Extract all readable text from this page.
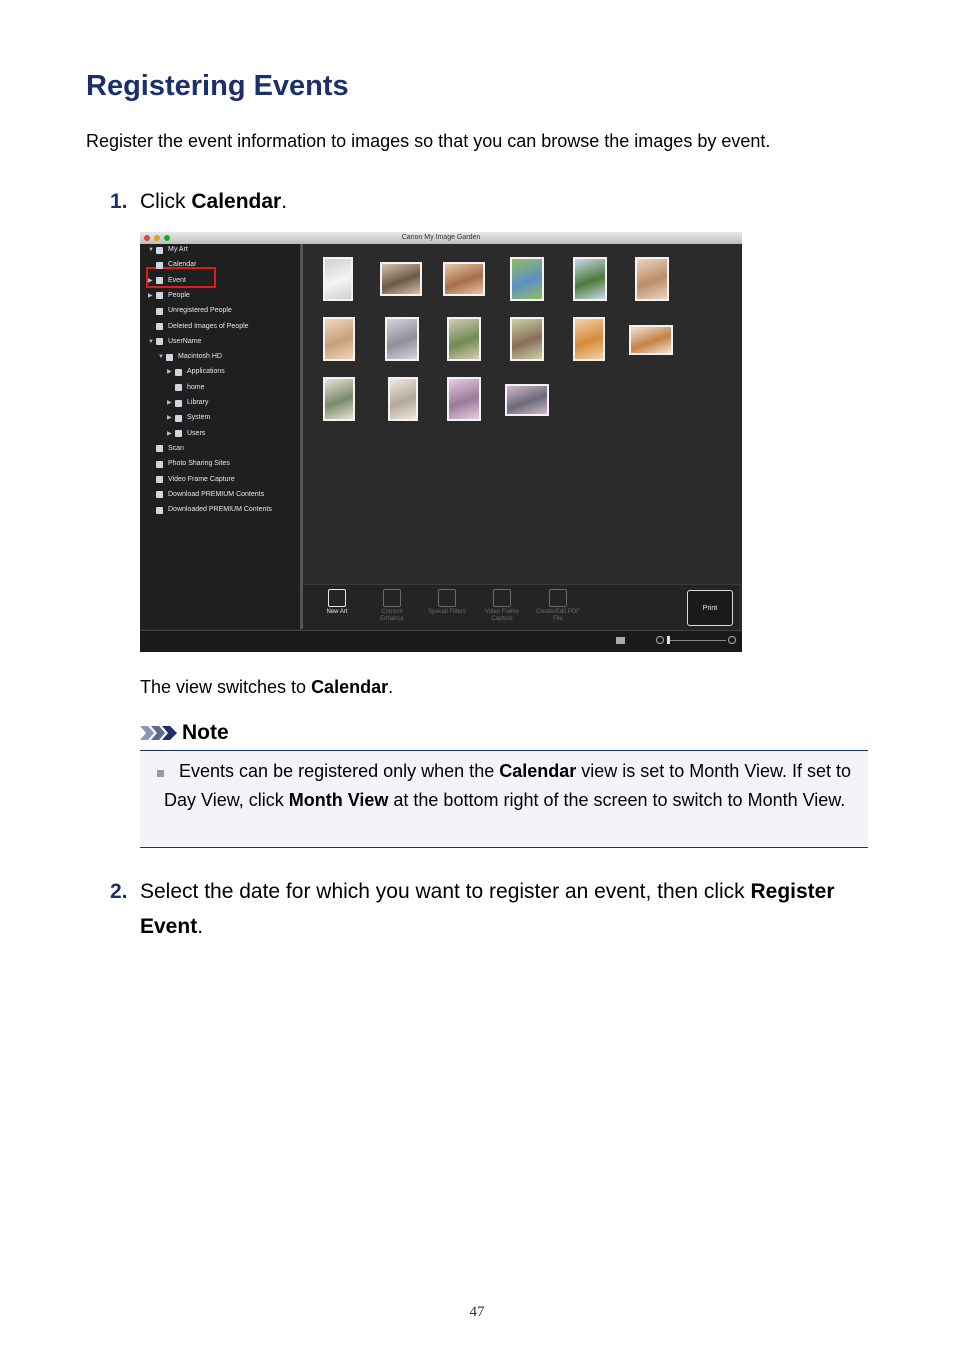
Registering Events
Register the event information to images so that you can browse the images by event.
1. Click Calendar.
Canon My Image Garden
▼ My Art
Calendar
▶	Event
▶	People
Unregistered People
Deleted Images of People
▼ UserName
▼ Macintosh HD
▶	Applications
home
▶	Library
▶	System
▶	Users
Scan
Photo Sharing Sites
Video Frame Capture
Download PREMIUM Contents
Downloaded PREMIUM Contents
Print
New Art	Correct/ Enhance
Special Filters	Video Frame Capture
Create/Edit PDF File
The view switches to Calendar.
Note
Events can be registered only when the Calendar view is set to Month View. If set to Day View, click Month View at the bottom right of the screen to switch to Month View.
2. Select the date for which you want to register an event, then click Register Event.
47
